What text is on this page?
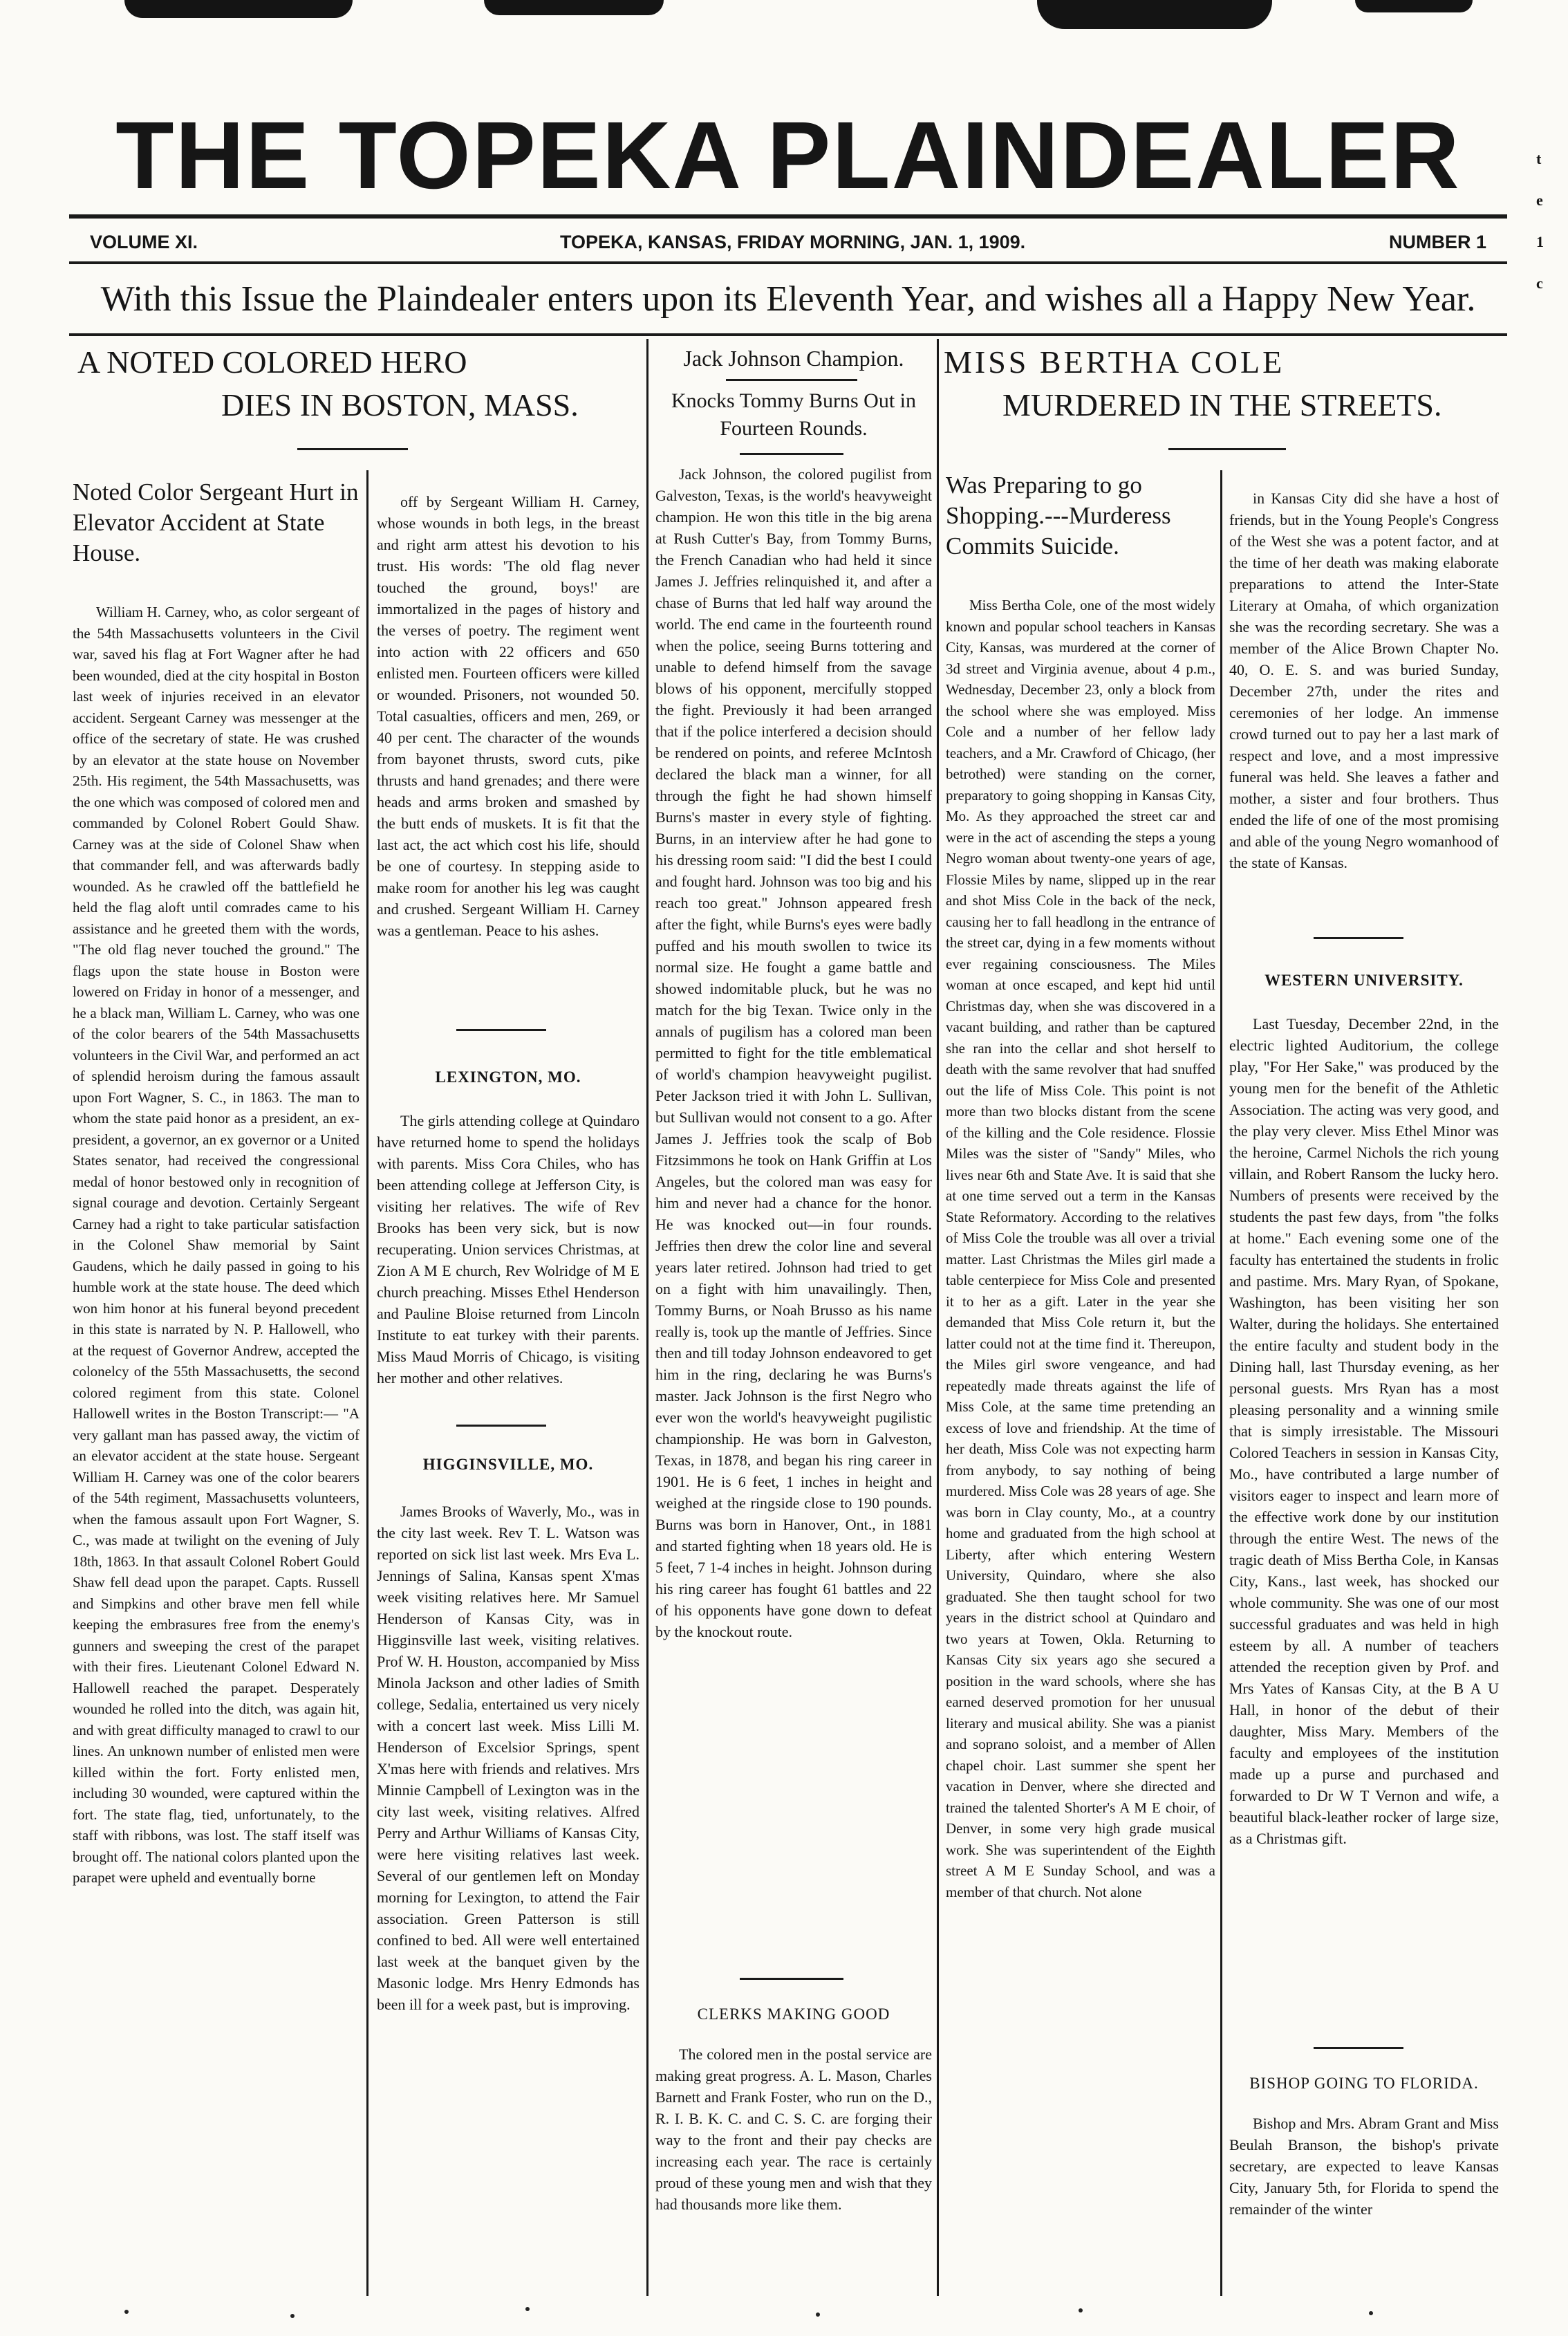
THE TOPEKA PLAINDEALER
VOLUME XI.	TOPEKA, KANSAS, FRIDAY MORNING, JAN. 1, 1909.	NUMBER 1
With this Issue the Plaindealer enters upon its Eleventh Year, and wishes all a Happy New Year.
A NOTED COLORED HERO
DIES IN BOSTON, MASS.
Noted Color Sergeant Hurt in Elevator Accident at State House.

William H. Carney, who, as color sergeant of the 54th Massachusetts volunteers in the Civil war, saved his flag at Fort Wagner after he had been wounded, died at the city hospital in Boston last week of injuries received in an elevator accident. Sergeant Carney was messenger at the office of the secretary of state. He was crushed by an elevator at the state house on November 25th. His regiment, the 54th Massachusetts, was the one which was composed of colored men and commanded by Colonel Robert Gould Shaw. Carney was at the side of Colonel Shaw when that commander fell, and was afterwards badly wounded. As he crawled off the battlefield he held the flag aloft until comrades came to his assistance and he greeted them with the words, "The old flag never touched the ground." The flags upon the state house in Boston were lowered on Friday in honor of a messenger, and he a black man, William L. Carney, who was one of the color bearers of the 54th Massachusetts volunteers in the Civil War, and performed an act of splendid heroism during the famous assault upon Fort Wagner, S. C., in 1863. The man to whom the state paid honor as a president, an ex-president, a governor, an ex governor or a United States senator, had received the congressional medal of honor bestowed only in recognition of signal courage and devotion. Certainly Sergeant Carney had a right to take particular satisfaction in the Colonel Shaw memorial by Saint Gaudens, which he daily passed in going to his humble work at the state house. The deed which won him honor at his funeral beyond precedent in this state is narrated by N. P. Hallowell, who at the request of Governor Andrew, accepted the colonelcy of the 55th Massachusetts, the second colored regiment from this state. Colonel Hallowell writes in the Boston Transcript:— "A very gallant man has passed away, the victim of an elevator accident at the state house. Sergeant William H. Carney was one of the color bearers of the 54th regiment, Massachusetts volunteers, when the famous assault upon Fort Wagner, S. C., was made at twilight on the evening of July 18th, 1863. In that assault Colonel Robert Gould Shaw fell dead upon the parapet. Capts. Russell and Simpkins and other brave men fell while keeping the embrasures free from the enemy's gunners and sweeping the crest of the parapet with their fires. Lieutenant Colonel Edward N. Hallowell reached the parapet. Desperately wounded he rolled into the ditch, was again hit, and with great difficulty managed to crawl to our lines. An unknown number of enlisted men were killed within the fort. Forty enlisted men, including 30 wounded, were captured within the fort. The state flag, tied, unfortunately, to the staff with ribbons, was lost. The staff itself was brought off. The national colors planted upon the parapet were upheld and eventually borne

off by Sergeant William H. Carney, whose wounds in both legs, in the breast and right arm attest his devotion to his trust. His words: 'The old flag never touched the ground, boys!' are immortalized in the pages of history and the verses of poetry. The regiment went into action with 22 officers and 650 enlisted men. Fourteen officers were killed or wounded. Prisoners, not wounded 50. Total casualties, officers and men, 269, or 40 per cent. The character of the wounds from bayonet thrusts, sword cuts, pike thrusts and hand grenades; and there were heads and arms broken and smashed by the butt ends of muskets. It is fit that the last act, the act which cost his life, should be one of courtesy. In stepping aside to make room for another his leg was caught and crushed. Sergeant William H. Carney was a gentleman. Peace to his ashes.

LEXINGTON, MO.

The girls attending college at Quindaro have returned home to spend the holidays with parents. Miss Cora Chiles, who has been attending college at Jefferson City, is visiting her relatives. The wife of Rev Brooks has been very sick, but is now recuperating. Union services Christmas, at Zion A M E church, Rev Wolridge of M E church preaching. Misses Ethel Henderson and Pauline Bloise returned from Lincoln Institute to eat turkey with their parents. Miss Maud Morris of Chicago, is visiting her mother and other relatives.

HIGGINSVILLE, MO.

James Brooks of Waverly, Mo., was in the city last week. Rev T. L. Watson was reported on sick list last week. Mrs Eva L. Jennings of Salina, Kansas spent X'mas week visiting relatives here. Mr Samuel Henderson of Kansas City, was in Higginsville last week, visiting relatives. Prof W. H. Houston, accompanied by Miss Minola Jackson and other ladies of Smith college, Sedalia, entertained us very nicely with a concert last week. Miss Lilli M. Henderson of Excelsior Springs, spent X'mas here with friends and relatives. Mrs Minnie Campbell of Lexington was in the city last week, visiting relatives. Alfred Perry and Arthur Williams of Kansas City, were here visiting relatives last week. Several of our gentlemen left on Monday morning for Lexington, to attend the Fair association. Green Patterson is still confined to bed. All were well entertained last week at the banquet given by the Masonic lodge. Mrs Henry Edmonds has been ill for a week past, but is improving.

Jack Johnson Champion.
Knocks Tommy Burns Out in Fourteen Rounds.

Jack Johnson, the colored pugilist from Galveston, Texas, is the world's heavyweight champion. He won this title in the big arena at Rush Cutter's Bay, from Tommy Burns, the French Canadian who had held it since James J. Jeffries relinquished it, and after a chase of Burns that led half way around the world. The end came in the fourteenth round when the police, seeing Burns tottering and unable to defend himself from the savage blows of his opponent, mercifully stopped the fight. Previously it had been arranged that if the police interfered a decision should be rendered on points, and referee McIntosh declared the black man a winner, for all through the fight he had shown himself Burns's master in every style of fighting. Burns, in an interview after he had gone to his dressing room said: "I did the best I could and fought hard. Johnson was too big and his reach too great." Johnson appeared fresh after the fight, while Burns's eyes were badly puffed and his mouth swollen to twice its normal size. He fought a game battle and showed indomitable pluck, but he was no match for the big Texan. Twice only in the annals of pugilism has a colored man been permitted to fight for the title emblematical of world's champion heavyweight pugilist. Peter Jackson tried it with John L. Sullivan, but Sullivan would not consent to a go. After James J. Jeffries took the scalp of Bob Fitzsimmons he took on Hank Griffin at Los Angeles, but the colored man was easy for him and never had a chance for the honor. He was knocked out—in four rounds. Jeffries then drew the color line and several years later retired. Johnson had tried to get on a fight with him unavailingly. Then, Tommy Burns, or Noah Brusso as his name really is, took up the mantle of Jeffries. Since then and till today Johnson endeavored to get him in the ring, declaring he was Burns's master. Jack Johnson is the first Negro who ever won the world's heavyweight pugilistic championship. He was born in Galveston, Texas, in 1878, and began his ring career in 1901. He is 6 feet, 1 inches in height and weighed at the ringside close to 190 pounds. Burns was born in Hanover, Ont., in 1881 and started fighting when 18 years old. He is 5 feet, 7 1-4 inches in height. Johnson during his ring career has fought 61 battles and 22 of his opponents have gone down to defeat by the knockout route.

CLERKS MAKING GOOD

The colored men in the postal service are making great progress. A. L. Mason, Charles Barnett and Frank Foster, who run on the D., R. I. B. K. C. and C. S. C. are forging their way to the front and their pay checks are increasing each year. The race is certainly proud of these young men and wish that they had thousands more like them.

MISS BERTHA COLE
MURDERED IN THE STREETS.
Was Preparing to go Shopping.---Murderess Commits Suicide.

Miss Bertha Cole, one of the most widely known and popular school teachers in Kansas City, Kansas, was murdered at the corner of 3d street and Virginia avenue, about 4 p.m., Wednesday, December 23, only a block from the school where she was employed. Miss Cole and a number of her fellow lady teachers, and a Mr. Crawford of Chicago, (her betrothed) were standing on the corner, preparatory to going shopping in Kansas City, Mo. As they approached the street car and were in the act of ascending the steps a young Negro woman about twenty-one years of age, Flossie Miles by name, slipped up in the rear and shot Miss Cole in the back of the neck, causing her to fall headlong in the entrance of the street car, dying in a few moments without ever regaining consciousness. The Miles woman at once escaped, and kept hid until Christmas day, when she was discovered in a vacant building, and rather than be captured she ran into the cellar and shot herself to death with the same revolver that had snuffed out the life of Miss Cole. This point is not more than two blocks distant from the scene of the killing and the Cole residence. Flossie Miles was the sister of "Sandy" Miles, who lives near 6th and State Ave. It is said that she at one time served out a term in the Kansas State Reformatory. According to the relatives of Miss Cole the trouble was all over a trivial matter. Last Christmas the Miles girl made a table centerpiece for Miss Cole and presented it to her as a gift. Later in the year she demanded that Miss Cole return it, but the latter could not at the time find it. Thereupon, the Miles girl swore vengeance, and had repeatedly made threats against the life of Miss Cole, at the same time pretending an excess of love and friendship. At the time of her death, Miss Cole was not expecting harm from anybody, to say nothing of being murdered. Miss Cole was 28 years of age. She was born in Clay county, Mo., at a country home and graduated from the high school at Liberty, after which entering Western University, Quindaro, where she also graduated. She then taught school for two years in the district school at Quindaro and two years at Towen, Okla. Returning to Kansas City six years ago she secured a position in the ward schools, where she has earned deserved promotion for her unusual literary and musical ability. She was a pianist and soprano soloist, and a member of Allen chapel choir. Last summer she spent her vacation in Denver, where she directed and trained the talented Shorter's A M E choir, of Denver, in some very high grade musical work. She was superintendent of the Eighth street A M E Sunday School, and was a member of that church. Not alone

in Kansas City did she have a host of friends, but in the Young People's Congress of the West she was a potent factor, and at the time of her death was making elaborate preparations to attend the Inter-State Literary at Omaha, of which organization she was the recording secretary. She was a member of the Alice Brown Chapter No. 40, O. E. S. and was buried Sunday, December 27th, under the rites and ceremonies of her lodge. An immense crowd turned out to pay her a last mark of respect and love, and a most impressive funeral was held. She leaves a father and mother, a sister and four brothers. Thus ended the life of one of the most promising and able of the young Negro womanhood of the state of Kansas.

WESTERN UNIVERSITY.

Last Tuesday, December 22nd, in the electric lighted Auditorium, the college play, "For Her Sake," was produced by the young men for the benefit of the Athletic Association. The acting was very good, and the play very clever. Miss Ethel Minor was the heroine, Carmel Nichols the rich young villain, and Robert Ransom the lucky hero. Numbers of presents were received by the students the past few days, from "the folks at home." Each evening some one of the faculty has entertained the students in frolic and pastime. Mrs. Mary Ryan, of Spokane, Washington, has been visiting her son Walter, during the holidays. She entertained the entire faculty and student body in the Dining hall, last Thursday evening, as her personal guests. Mrs Ryan has a most pleasing personality and a winning smile that is simply irresistable. The Missouri Colored Teachers in session in Kansas City, Mo., have contributed a large number of visitors eager to inspect and learn more of the effective work done by our institution through the entire West. The news of the tragic death of Miss Bertha Cole, in Kansas City, Kans., last week, has shocked our whole community. She was one of our most successful graduates and was held in high esteem by all. A number of teachers attended the reception given by Prof. and Mrs Yates of Kansas City, at the B A U Hall, in honor of the debut of their daughter, Miss Mary. Members of the faculty and employees of the institution made up a purse and purchased and forwarded to Dr W T Vernon and wife, a beautiful black-leather rocker of large size, as a Christmas gift.

BISHOP GOING TO FLORIDA.

Bishop and Mrs. Abram Grant and Miss Beulah Branson, the bishop's private secretary, are expected to leave Kansas City, January 5th, for Florida to spend the remainder of the winter

t e 1 c
